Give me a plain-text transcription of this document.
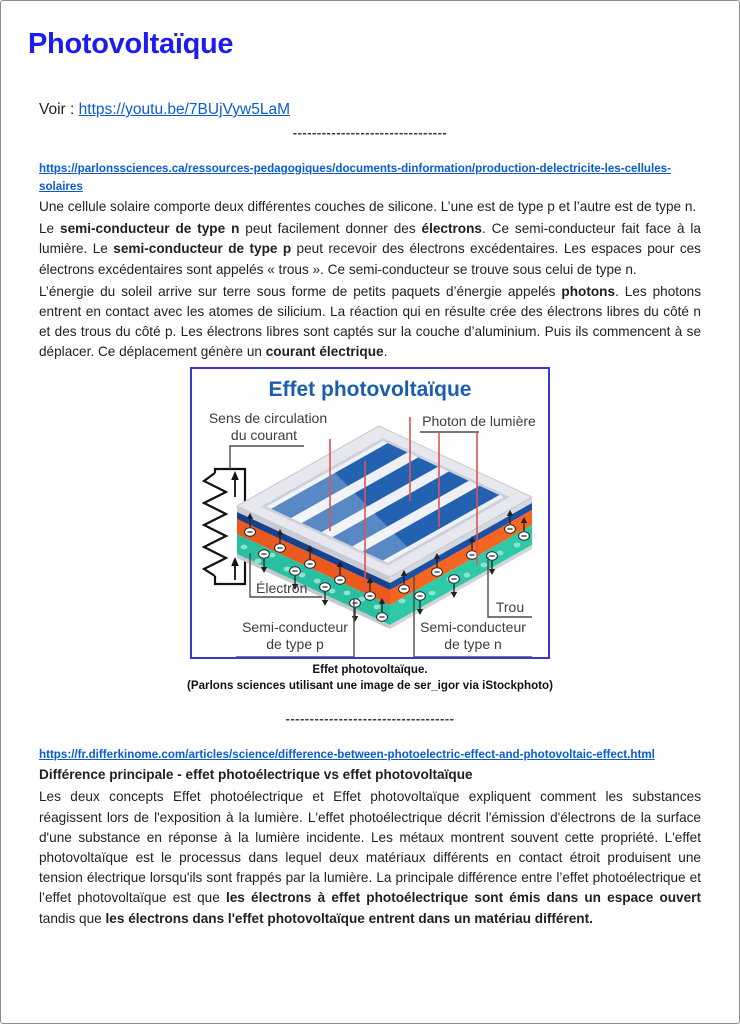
Photovoltaïque

Voir : https://youtu.be/7BUjVyw5LaM

--------------------------------

https://parlonssciences.ca/ressources-pedagogiques/documents-dinformation/production-delectricite-les-cellules-solaires

Une cellule solaire comporte deux différentes couches de silicone. L’une est de type p et l’autre est de type n.

Le semi-conducteur de type n peut facilement donner des électrons. Ce semi-conducteur fait face à la lumière. Le semi-conducteur de type p peut recevoir des électrons excédentaires. Les espaces pour ces électrons excédentaires sont appelés « trous ». Ce semi-conducteur se trouve sous celui de type n.

L’énergie du soleil arrive sur terre sous forme de petits paquets d’énergie appelés photons. Les photons entrent en contact avec les atomes de silicium. La réaction qui en résulte crée des électrons libres du côté n et des trous du côté p. Les électrons libres sont captés sur la couche d’aluminium. Puis ils commencent à se déplacer. Ce déplacement génère un courant électrique.

Effet photovoltaïque
Sens de circulation
du courant
Photon de lumière
Électron
Trou
Semi-conducteur
de type p
Semi-conducteur
de type n
Effet photovoltaïque.
(Parlons sciences utilisant une image de ser_igor via iStockphoto)
-----------------------------------

https://fr.differkinome.com/articles/science/difference-between-photoelectric-effect-and-photovoltaic-effect.html

Différence principale - effet photoélectrique vs effet photovoltaïque

Les deux concepts Effet photoélectrique et Effet photovoltaïque expliquent comment les substances réagissent lors de l'exposition à la lumière. L'effet photoélectrique décrit l'émission d'électrons de la surface d'une substance en réponse à la lumière incidente. Les métaux montrent souvent cette propriété. L'effet photovoltaïque est le processus dans lequel deux matériaux différents en contact étroit produisent une tension électrique lorsqu'ils sont frappés par la lumière. La principale différence entre l’effet photoélectrique et l’effet photovoltaïque est que les électrons à effet photoélectrique sont émis dans un espace ouvert tandis que les électrons dans l'effet photovoltaïque entrent dans un matériau différent.
